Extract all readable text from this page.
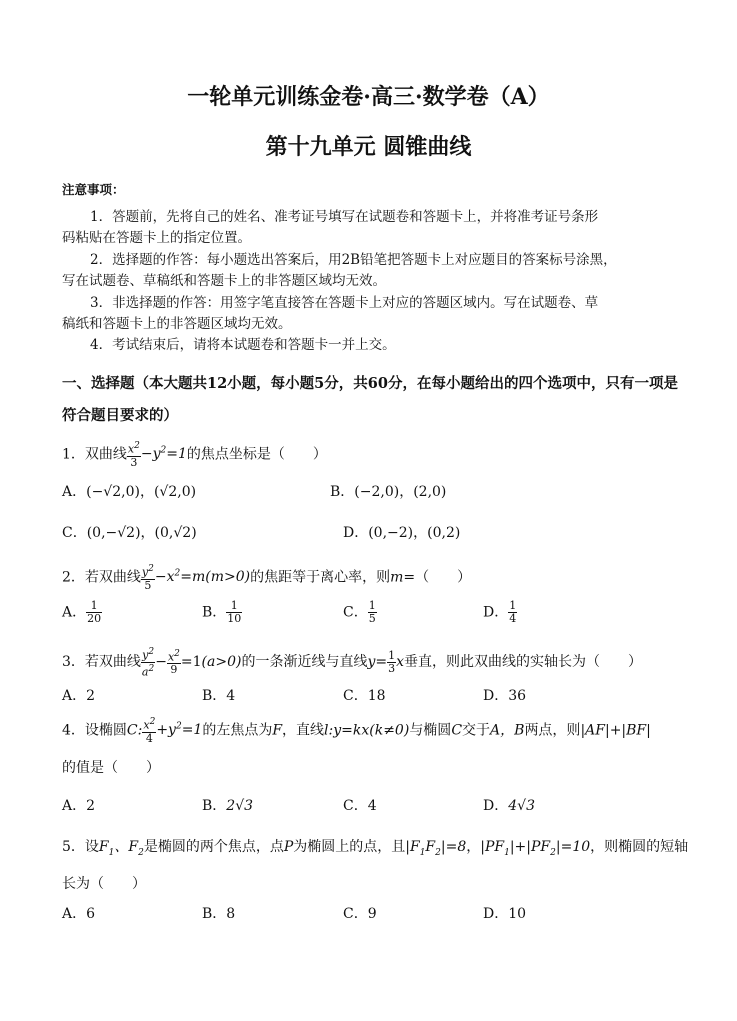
一轮单元训练金卷·高三·数学卷（A）
第十九单元 圆锥曲线
注意事项：
1．答题前，先将自己的姓名、准考证号填写在试题卷和答题卡上，并将准考证号条形
码粘贴在答题卡上的指定位置。
2．选择题的作答：每小题选出答案后，用2B铅笔把答题卡上对应题目的答案标号涂黑，
写在试题卷、草稿纸和答题卡上的非答题区域均无效。
3．非选择题的作答：用签字笔直接答在答题卡上对应的答题区域内。写在试题卷、草
稿纸和答题卡上的非答题区域均无效。
4．考试结束后，请将本试题卷和答题卡一并上交。
一、选择题（本大题共12小题，每小题5分，共60分，在每小题给出的四个选项中，只有一项是
符合题目要求的）
1．双曲线 $\frac{x^2}{3} -y^2=1$的焦点坐标是（　　）
A．(−√2,0)，(√2,0)	B．(−2,0)，(2,0)
C．(0,−√2)，(0,√2)	D．(0,−2)，(0,2)
2．若双曲线 $\frac{y^2}{5} -x^2=m(m>0)$的焦距等于离心率，则m=（　　）
A． $\frac{1}{20}$	B． $\frac{1}{10}$	C． $\frac{1}{5}$	D． $\frac{1}{4}$
3．若双曲线 $\frac{y^2}{a^2} - \frac{x^2}{9} =1(a>0)$的一条渐近线与直线$y= \frac{1}{3}$ x垂直，则此双曲线的实轴长为（　　）
A．2	B．4	C．18	D．36
4．设椭圆C: $\frac{x^2}{4} +y^2=1$的左焦点为F，直线l:y=kx(k≠0)与椭圆C交于A，B两点，则|AF|+|BF|
的值是（　　）
A．2	B．2√3	C．4	D．4√3
5．设$F_1$、$F_2$是椭圆的两个焦点，点P为椭圆上的点，且$|F_1F_2|=8$，$|PF_1|+|PF_2|=10$，则椭圆的短轴
长为（　　）
A．6	B．8	C．9	D．10
